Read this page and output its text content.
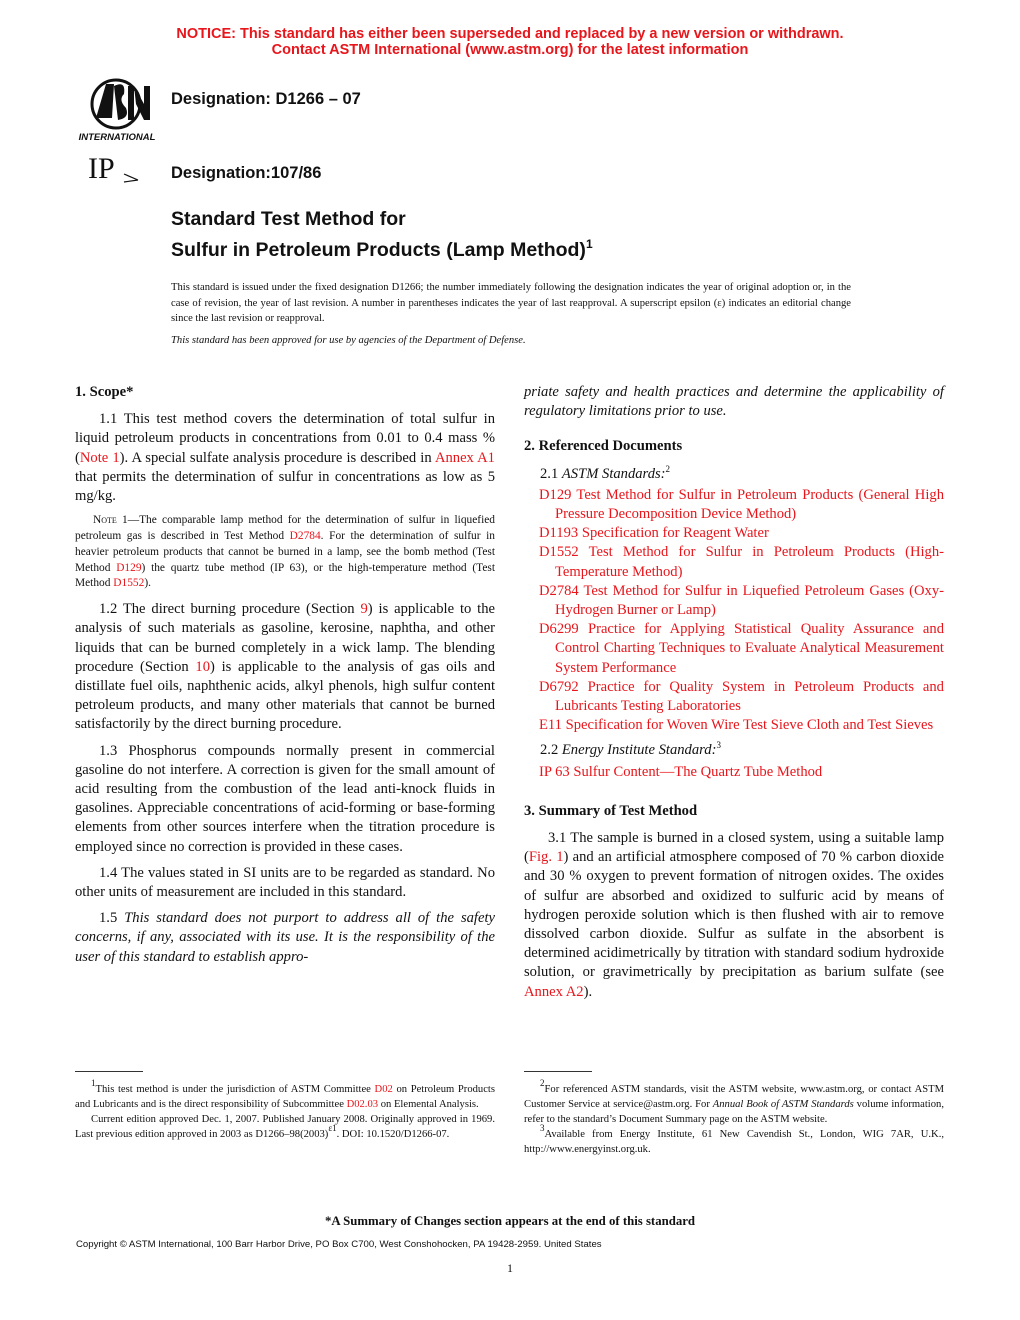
NOTICE: This standard has either been superseded and replaced by a new version or withdrawn.
Contact ASTM International (www.astm.org) for the latest information
INTERNATIONAL
IP
Designation: D1266 – 07
Designation:107/86
Standard Test Method for
Sulfur in Petroleum Products (Lamp Method)$^1$
This standard is issued under the fixed designation D1266; the number immediately following the designation indicates the year of original adoption or, in the case of revision, the year of last revision. A number in parentheses indicates the year of last reapproval. A superscript epsilon (ε) indicates an editorial change since the last revision or reapproval.
This standard has been approved for use by agencies of the Department of Defense.
1. Scope*

1.1 This test method covers the determination of total sulfur in liquid petroleum products in concentrations from 0.01 to 0.4 mass % (Note 1). A special sulfate analysis procedure is described in Annex A1 that permits the determination of sulfur in concentrations as low as 5 mg/kg.

Note 1—The comparable lamp method for the determination of sulfur in liquefied petroleum gas is described in Test Method D2784. For the determination of sulfur in heavier petroleum products that cannot be burned in a lamp, see the bomb method (Test Method D129) the quartz tube method (IP 63), or the high-temperature method (Test Method D1552).

1.2 The direct burning procedure (Section 9) is applicable to the analysis of such materials as gasoline, kerosine, naphtha, and other liquids that can be burned completely in a wick lamp. The blending procedure (Section 10) is applicable to the analysis of gas oils and distillate fuel oils, naphthenic acids, alkyl phenols, high sulfur content petroleum products, and many other materials that cannot be burned satisfactorily by the direct burning procedure.

1.3 Phosphorus compounds normally present in commercial gasoline do not interfere. A correction is given for the small amount of acid resulting from the combustion of the lead anti-knock fluids in gasolines. Appreciable concentrations of acid-forming or base-forming elements from other sources interfere when the titration procedure is employed since no correction is provided in these cases.

1.4 The values stated in SI units are to be regarded as standard. No other units of measurement are included in this standard.

1.5 This standard does not purport to address all of the safety concerns, if any, associated with its use. It is the responsibility of the user of this standard to establish appro-

priate safety and health practices and determine the applicability of regulatory limitations prior to use.

2. Referenced Documents
2.1 ASTM Standards:$^2$

D129 Test Method for Sulfur in Petroleum Products (General High Pressure Decomposition Device Method)

D1193 Specification for Reagent Water

D1552 Test Method for Sulfur in Petroleum Products (High-Temperature Method)

D2784 Test Method for Sulfur in Liquefied Petroleum Gases (Oxy-Hydrogen Burner or Lamp)

D6299 Practice for Applying Statistical Quality Assurance and Control Charting Techniques to Evaluate Analytical Measurement System Performance

D6792 Practice for Quality System in Petroleum Products and Lubricants Testing Laboratories

E11 Specification for Woven Wire Test Sieve Cloth and Test Sieves

2.2 Energy Institute Standard:$^3$

IP 63 Sulfur Content—The Quartz Tube Method

3. Summary of Test Method

3.1 The sample is burned in a closed system, using a suitable lamp (Fig. 1) and an artificial atmosphere composed of 70 % carbon dioxide and 30 % oxygen to prevent formation of nitrogen oxides. The oxides of sulfur are absorbed and oxidized to sulfuric acid by means of hydrogen peroxide solution which is then flushed with air to remove dissolved carbon dioxide. Sulfur as sulfate in the absorbent is determined acidimetrically by titration with standard sodium hydroxide solution, or gravimetrically by precipitation as barium sulfate (see Annex A2).

$^1$This test method is under the jurisdiction of ASTM Committee D02 on Petroleum Products and Lubricants and is the direct responsibility of Subcommittee D02.03 on Elemental Analysis.

Current edition approved Dec. 1, 2007. Published January 2008. Originally approved in 1969. Last previous edition approved in 2003 as $D1266-98(2003)^{\varepsilon 1}$. DOI: 10.1520/D1266-07.

$^2$For referenced ASTM standards, visit the ASTM website, www.astm.org, or contact ASTM Customer Service at service@astm.org. For Annual Book of ASTM Standards volume information, refer to the standard’s Document Summary page on the ASTM website.

$^3$Available from Energy Institute, 61 New Cavendish St., London, WIG 7AR, U.K., http://www.energyinst.org.uk.

*A Summary of Changes section appears at the end of this standard
Copyright © ASTM International, 100 Barr Harbor Drive, PO Box C700, West Conshohocken, PA 19428-2959. United States
1
